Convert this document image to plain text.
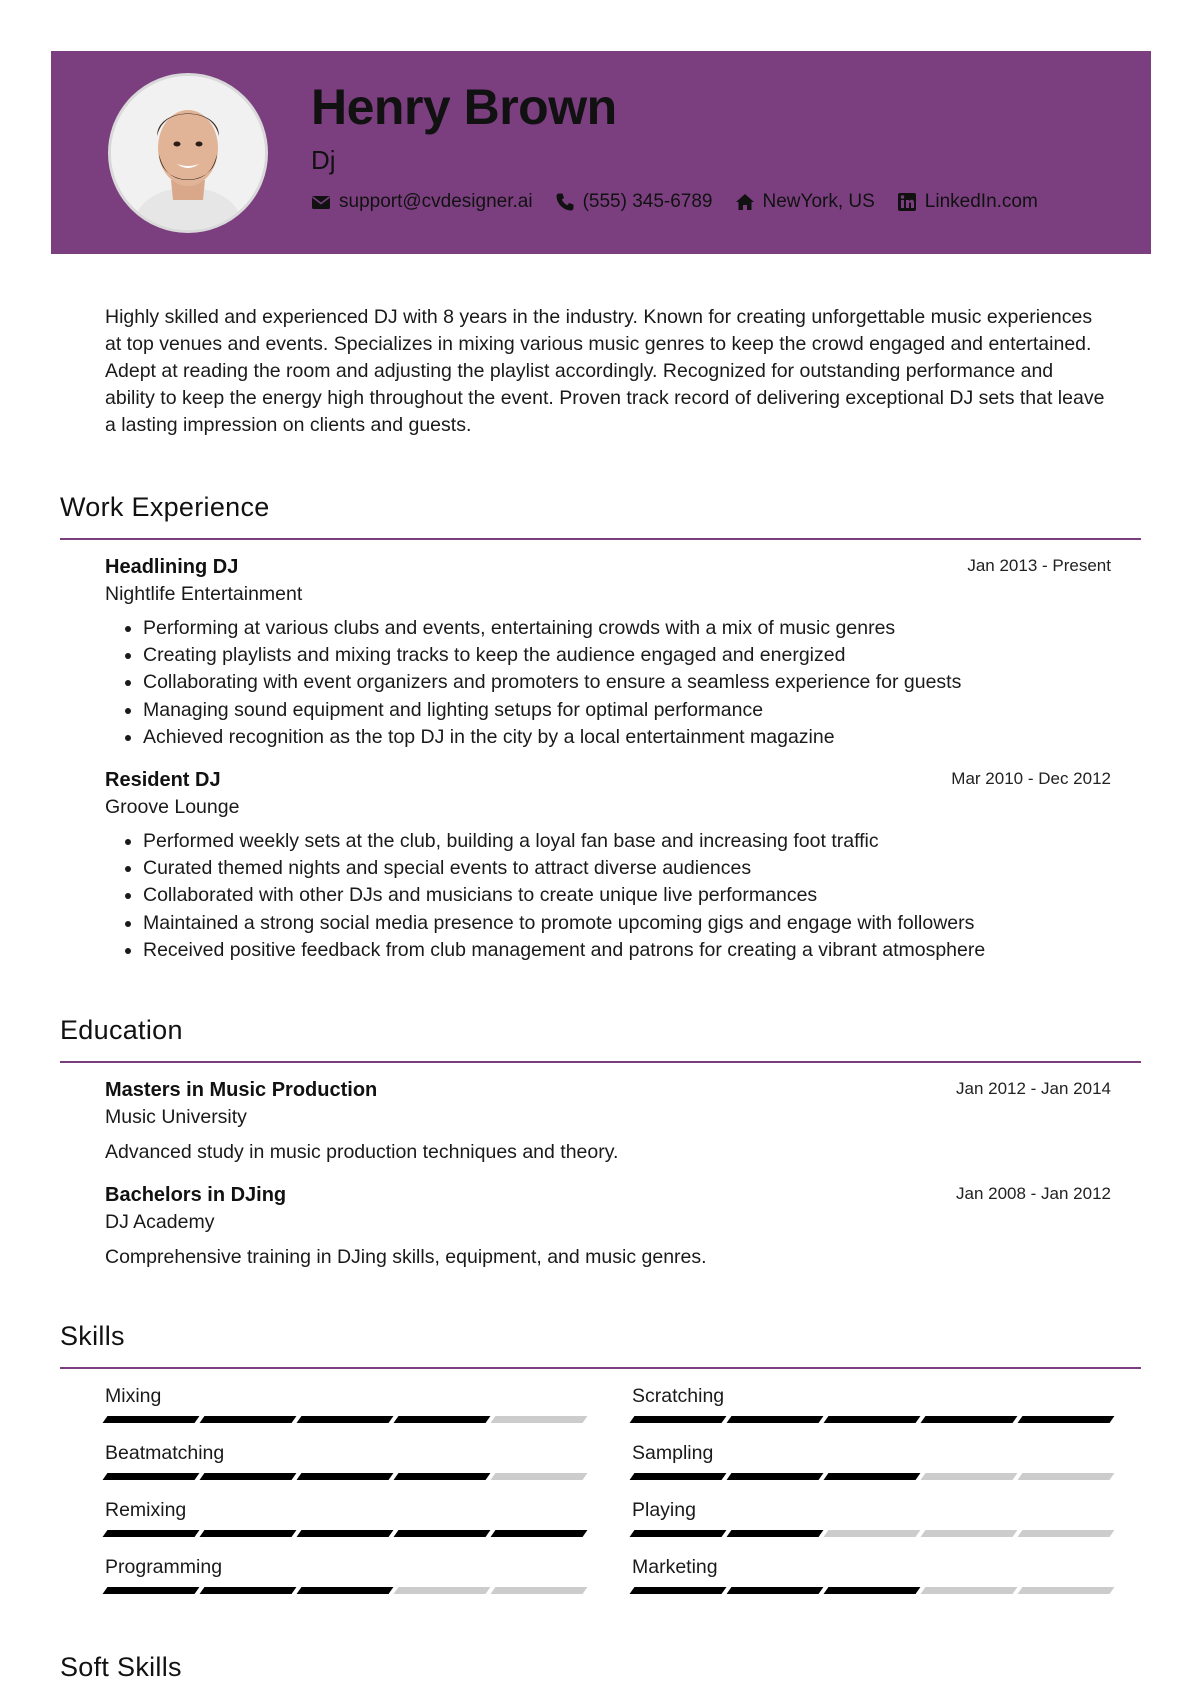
Henry Brown
Dj
support@cvdesigner.ai	(555) 345-6789	NewYork, US	LinkedIn.com
Highly skilled and experienced DJ with 8 years in the industry. Known for creating unforgettable music experiences at top venues and events. Specializes in mixing various music genres to keep the crowd engaged and entertained. Adept at reading the room and adjusting the playlist accordingly. Recognized for outstanding performance and ability to keep the energy high throughout the event. Proven track record of delivering exceptional DJ sets that leave a lasting impression on clients and guests.
Work Experience
Headlining DJ	Jan 2013 - Present
Nightlife Entertainment
• Performing at various clubs and events, entertaining crowds with a mix of music genres
• Creating playlists and mixing tracks to keep the audience engaged and energized
• Collaborating with event organizers and promoters to ensure a seamless experience for guests
• Managing sound equipment and lighting setups for optimal performance
• Achieved recognition as the top DJ in the city by a local entertainment magazine
Resident DJ	Mar 2010 - Dec 2012
Groove Lounge
• Performed weekly sets at the club, building a loyal fan base and increasing foot traffic
• Curated themed nights and special events to attract diverse audiences
• Collaborated with other DJs and musicians to create unique live performances
• Maintained a strong social media presence to promote upcoming gigs and engage with followers
• Received positive feedback from club management and patrons for creating a vibrant atmosphere
Education
Masters in Music Production	Jan 2012 - Jan 2014
Music University
Advanced study in music production techniques and theory.
Bachelors in DJing	Jan 2008 - Jan 2012
DJ Academy
Comprehensive training in DJing skills, equipment, and music genres.
Skills
Mixing	Scratching
Beatmatching	Sampling
Remixing	Playing
Programming	Marketing
Soft Skills
